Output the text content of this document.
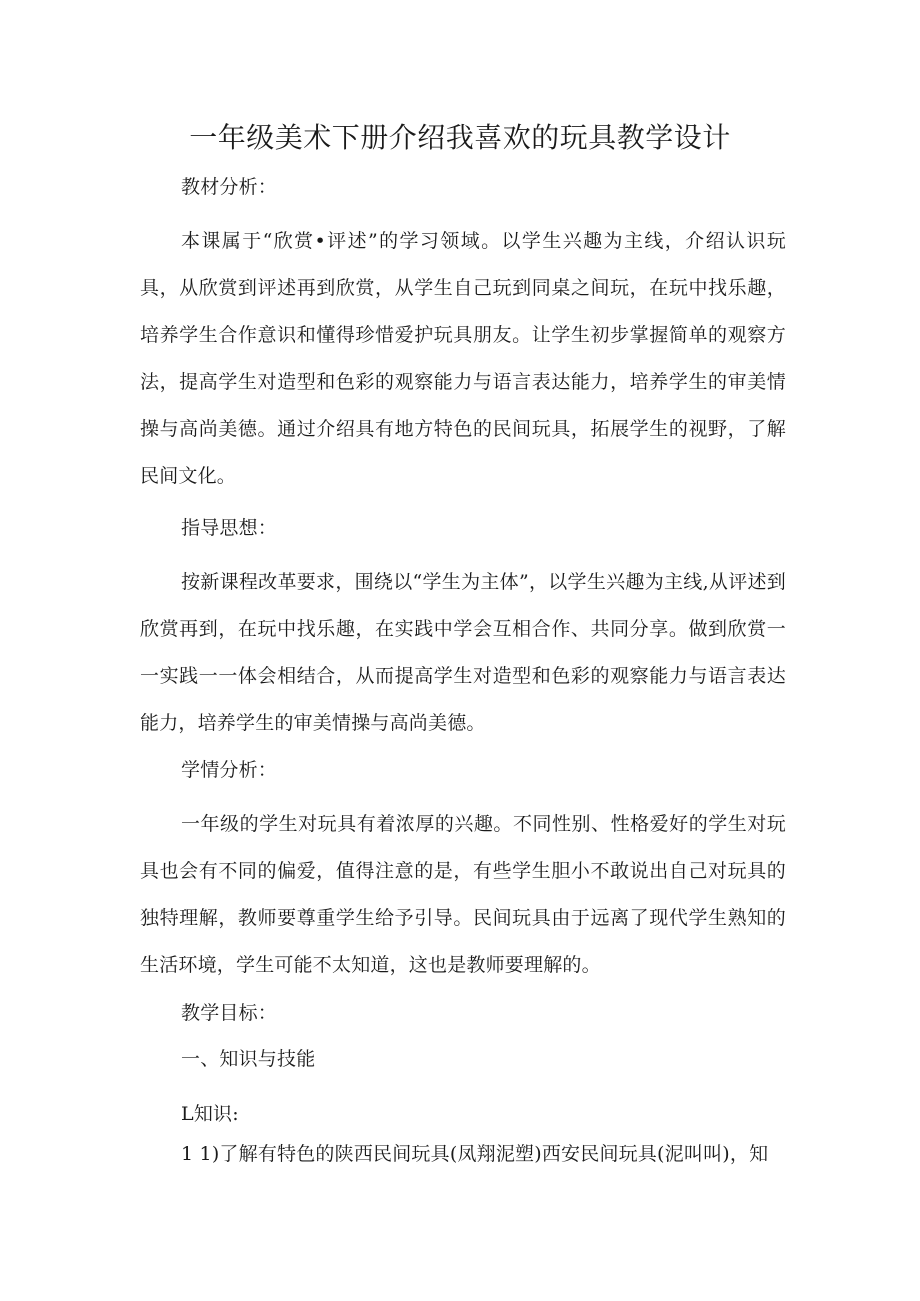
一年级美术下册介绍我喜欢的玩具教学设计

教材分析：

本课属于“欣赏•评述”的学习领域。以学生兴趣为主线，介绍认识玩具，从欣赏到评述再到欣赏，从学生自己玩到同桌之间玩，在玩中找乐趣，培养学生合作意识和懂得珍惜爱护玩具朋友。让学生初步掌握简单的观察方法，提高学生对造型和色彩的观察能力与语言表达能力，培养学生的审美情操与高尚美德。通过介绍具有地方特色的民间玩具，拓展学生的视野，了解民间文化。

指导思想：

按新课程改革要求，围绕以“学生为主体”，以学生兴趣为主线,从评述到欣赏再到，在玩中找乐趣，在实践中学会互相合作、共同分享。做到欣赏一一实践一一体会相结合，从而提高学生对造型和色彩的观察能力与语言表达能力，培养学生的审美情操与高尚美德。

学情分析：

一年级的学生对玩具有着浓厚的兴趣。不同性别、性格爱好的学生对玩具也会有不同的偏爱，值得注意的是，有些学生胆小不敢说出自己对玩具的独特理解，教师要尊重学生给予引导。民间玩具由于远离了现代学生熟知的生活环境，学生可能不太知道，这也是教师要理解的。

教学目标：

一、知识与技能

L知识:

1 1)了解有特色的陕西民间玩具(凤翔泥塑)西安民间玩具(泥叫叫)，知
